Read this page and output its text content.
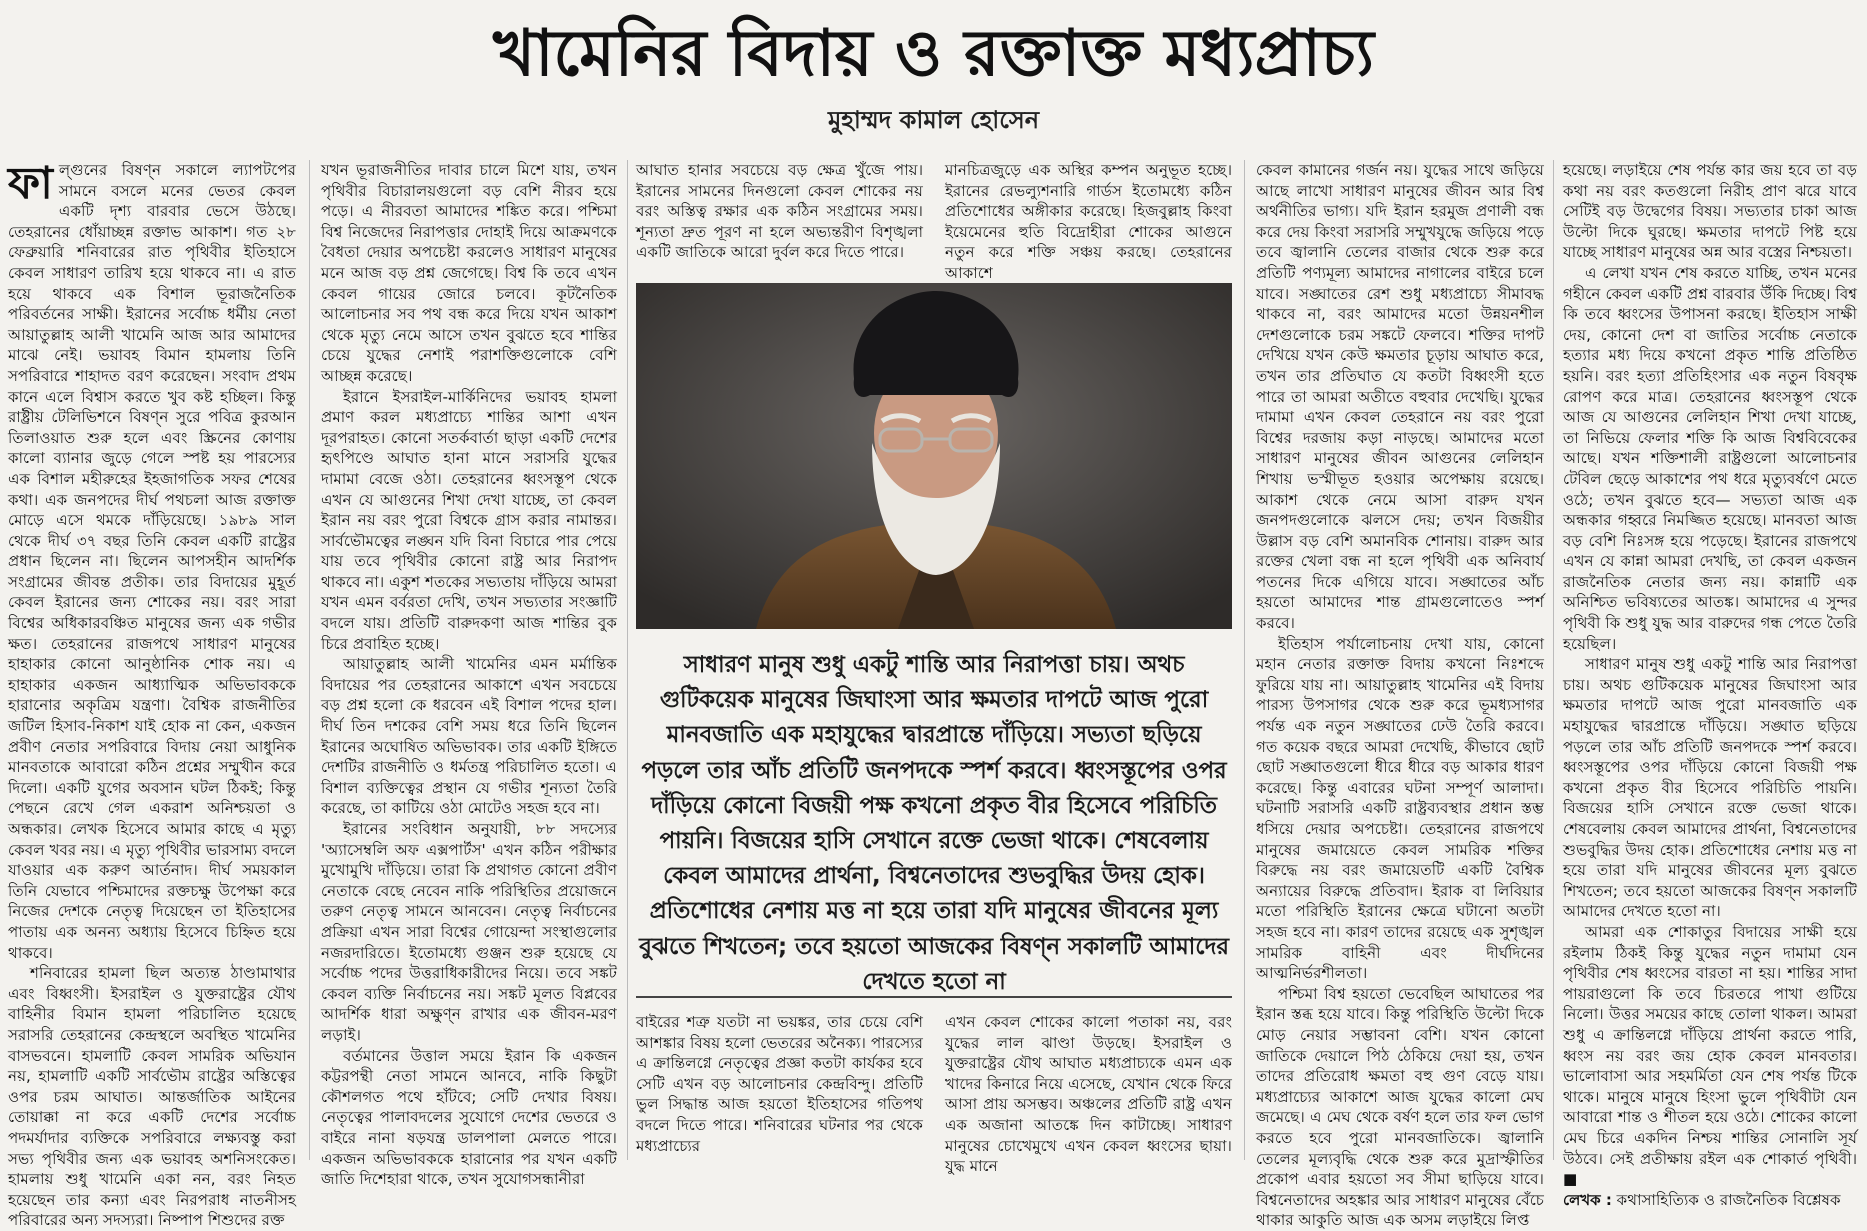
খামেনির বিদায় ও রক্তাক্ত মধ্যপ্রাচ্য
মুহাম্মদ কামাল হোসেন

ফাল্গুনের বিষণ্ন সকালে ল্যাপটপের সামনে বসলে মনের ভেতর কেবল একটি দৃশ্য বারবার ভেসে উঠছে। তেহরানের ধোঁয়াচ্ছন্ন রক্তাভ আকাশ। গত ২৮ ফেব্রুয়ারি শনিবারের রাত পৃথিবীর ইতিহাসে কেবল সাধারণ তারিখ হয়ে থাকবে না। এ রাত হয়ে থাকবে এক বিশাল ভূরাজনৈতিক পরিবর্তনের সাক্ষী। ইরানের সর্বোচ্চ ধর্মীয় নেতা আয়াতুল্লাহ আলী খামেনি আজ আর আমাদের মাঝে নেই। ভয়াবহ বিমান হামলায় তিনি সপরিবারে শাহাদত বরণ করেছেন। সংবাদ প্রথম কানে এলে বিশ্বাস করতে খুব কষ্ট হচ্ছিল। কিন্তু রাষ্ট্রীয় টেলিভিশনে বিষণ্ন সুরে পবিত্র কুরআন তিলাওয়াত শুরু হলে এবং স্ক্রিনের কোণায় কালো ব্যানার জুড়ে গেলে স্পষ্ট হয় পারস্যের এক বিশাল মহীরুহের ইহজাগতিক সফর শেষের কথা। এক জনপদের দীর্ঘ পথচলা আজ রক্তাক্ত মোড়ে এসে থমকে দাঁড়িয়েছে। ১৯৮৯ সাল থেকে দীর্ঘ ৩৭ বছর তিনি কেবল একটি রাষ্ট্রের প্রধান ছিলেন না। ছিলেন আপসহীন আদর্শিক সংগ্রামের জীবন্ত প্রতীক। তার বিদায়ের মুহূর্ত কেবল ইরানের জন্য শোকের নয়। বরং সারা বিশ্বের অধিকারবঞ্চিত মানুষের জন্য এক গভীর ক্ষত। তেহরানের রাজপথে সাধারণ মানুষের হাহাকার কোনো আনুষ্ঠানিক শোক নয়। এ হাহাকার একজন আধ্যাত্মিক অভিভাবককে হারানোর অকৃত্রিম যন্ত্রণা। বৈশ্বিক রাজনীতির জটিল হিসাব-নিকাশ যাই হোক না কেন, একজন প্রবীণ নেতার সপরিবারে বিদায় নেয়া আধুনিক মানবতাকে আবারো কঠিন প্রশ্নের সম্মুখীন করে দিলো। একটি যুগের অবসান ঘটল ঠিকই; কিন্তু পেছনে রেখে গেল একরাশ অনিশ্চয়তা ও অন্ধকার। লেখক হিসেবে আমার কাছে এ মৃত্যু কেবল খবর নয়। এ মৃত্যু পৃথিবীর ভারসাম্য বদলে যাওয়ার এক করুণ আর্তনাদ। দীর্ঘ সময়কাল তিনি যেভাবে পশ্চিমাদের রক্তচক্ষু উপেক্ষা করে নিজের দেশকে নেতৃত্ব দিয়েছেন তা ইতিহাসের পাতায় এক অনন্য অধ্যায় হিসেবে চিহ্নিত হয়ে থাকবে।

শনিবারের হামলা ছিল অত্যন্ত ঠাণ্ডামাথার এবং বিধ্বংসী। ইসরাইল ও যুক্তরাষ্ট্রের যৌথ বাহিনীর বিমান হামলা পরিচালিত হয়েছে সরাসরি তেহরানের কেন্দ্রস্থলে অবস্থিত খামেনির বাসভবনে। হামলাটি কেবল সামরিক অভিযান নয়, হামলাটি একটি সার্বভৌম রাষ্ট্রের অস্তিত্বের ওপর চরম আঘাত। আন্তর্জাতিক আইনের তোয়াক্কা না করে একটি দেশের সর্বোচ্চ পদমর্যাদার ব্যক্তিকে সপরিবারে লক্ষ্যবস্তু করা সভ্য পৃথিবীর জন্য এক ভয়াবহ অশনিসংকেত। হামলায় শুধু খামেনি একা নন, বরং নিহত হয়েছেন তার কন্যা এবং নিরপরাধ নাতনীসহ পরিবারের অন্য সদস্যরা। নিষ্পাপ শিশুদের রক্ত

যখন ভূরাজনীতির দাবার চালে মিশে যায়, তখন পৃথিবীর বিচারালয়গুলো বড় বেশি নীরব হয়ে পড়ে। এ নীরবতা আমাদের শঙ্কিত করে। পশ্চিমা বিশ্ব নিজেদের নিরাপত্তার দোহাই দিয়ে আক্রমণকে বৈধতা দেয়ার অপচেষ্টা করলেও সাধারণ মানুষের মনে আজ বড় প্রশ্ন জেগেছে। বিশ্ব কি তবে এখন কেবল গায়ের জোরে চলবে। কূটনৈতিক আলোচনার সব পথ বন্ধ করে দিয়ে যখন আকাশ থেকে মৃত্যু নেমে আসে তখন বুঝতে হবে শান্তির চেয়ে যুদ্ধের নেশাই পরাশক্তিগুলোকে বেশি আচ্ছন্ন করেছে।

ইরানে ইসরাইল-মার্কিনিদের ভয়াবহ হামলা প্রমাণ করল মধ্যপ্রাচ্যে শান্তির আশা এখন দূরপরাহত। কোনো সতর্কবার্তা ছাড়া একটি দেশের হৃৎপিণ্ডে আঘাত হানা মানে সরাসরি যুদ্ধের দামামা বেজে ওঠা। তেহরানের ধ্বংসস্তূপ থেকে এখন যে আগুনের শিখা দেখা যাচ্ছে, তা কেবল ইরান নয় বরং পুরো বিশ্বকে গ্রাস করার নামান্তর। সার্বভৌমত্বের লঙ্ঘন যদি বিনা বিচারে পার পেয়ে যায় তবে পৃথিবীর কোনো রাষ্ট্র আর নিরাপদ থাকবে না। একুশ শতকের সভ্যতায় দাঁড়িয়ে আমরা যখন এমন বর্বরতা দেখি, তখন সভ্যতার সংজ্ঞাটি বদলে যায়। প্রতিটি বারুদকণা আজ শান্তির বুক চিরে প্রবাহিত হচ্ছে।

আয়াতুল্লাহ আলী খামেনির এমন মর্মান্তিক বিদায়ের পর তেহরানের আকাশে এখন সবচেয়ে বড় প্রশ্ন হলো কে ধরবেন এই বিশাল পদের হাল। দীর্ঘ তিন দশকের বেশি সময় ধরে তিনি ছিলেন ইরানের অঘোষিত অভিভাবক। তার একটি ইঙ্গিতে দেশটির রাজনীতি ও ধর্মতন্ত্র পরিচালিত হতো। এ বিশাল ব্যক্তিত্বের প্রস্থান যে গভীর শূন্যতা তৈরি করেছে, তা কাটিয়ে ওঠা মোটেও সহজ হবে না।

ইরানের সংবিধান অনুযায়ী, ৮৮ সদস্যের 'অ্যাসেম্বলি অফ এক্সপার্টস' এখন কঠিন পরীক্ষার মুখোমুখি দাঁড়িয়ে। তারা কি প্রথাগত কোনো প্রবীণ নেতাকে বেছে নেবেন নাকি পরিস্থিতির প্রয়োজনে তরুণ নেতৃত্ব সামনে আনবেন। নেতৃত্ব নির্বাচনের প্রক্রিয়া এখন সারা বিশ্বের গোয়েন্দা সংস্থাগুলোর নজরদারিতে। ইতোমধ্যে গুঞ্জন শুরু হয়েছে যে সর্বোচ্চ পদের উত্তরাধিকারীদের নিয়ে। তবে সঙ্কট কেবল ব্যক্তি নির্বাচনের নয়। সঙ্কট মূলত বিপ্লবের আদর্শিক ধারা অক্ষুণ্ন রাখার এক জীবন-মরণ লড়াই।

বর্তমানের উত্তাল সময়ে ইরান কি একজন কট্টরপন্থী নেতা সামনে আনবে, নাকি কিছুটা কৌশলগত পথে হাঁটবে; সেটি দেখার বিষয়। নেতৃত্বের পালাবদলের সুযোগে দেশের ভেতরে ও বাইরে নানা ষড়যন্ত্র ডালপালা মেলতে পারে। একজন অভিভাবককে হারানোর পর যখন একটি জাতি দিশেহারা থাকে, তখন সুযোগসন্ধানীরা

আঘাত হানার সবচেয়ে বড় ক্ষেত্র খুঁজে পায়। ইরানের সামনের দিনগুলো কেবল শোকের নয় বরং অস্তিত্ব রক্ষার এক কঠিন সংগ্রামের সময়। শূন্যতা দ্রুত পূরণ না হলে অভ্যন্তরীণ বিশৃঙ্খলা একটি জাতিকে আরো দুর্বল করে দিতে পারে।

মানচিত্রজুড়ে এক অস্থির কম্পন অনুভূত হচ্ছে। ইরানের রেভল্যুশনারি গার্ডস ইতোমধ্যে কঠিন প্রতিশোধের অঙ্গীকার করেছে। হিজবুল্লাহ কিংবা ইয়েমেনের হুতি বিদ্রোহীরা শোকের আগুনে নতুন করে শক্তি সঞ্চয় করছে। তেহরানের আকাশে

সাধারণ মানুষ শুধু একটু শান্তি আর নিরাপত্তা চায়। অথচ গুটিকয়েক মানুষের জিঘাংসা আর ক্ষমতার দাপটে আজ পুরো মানবজাতি এক মহাযুদ্ধের দ্বারপ্রান্তে দাঁড়িয়ে। সভ্যতা ছড়িয়ে পড়লে তার আঁচ প্রতিটি জনপদকে স্পর্শ করবে। ধ্বংসস্তূপের ওপর দাঁড়িয়ে কোনো বিজয়ী পক্ষ কখনো প্রকৃত বীর হিসেবে পরিচিতি পায়নি। বিজয়ের হাসি সেখানে রক্তে ভেজা থাকে। শেষবেলায় কেবল আমাদের প্রার্থনা, বিশ্বনেতাদের শুভবুদ্ধির উদয় হোক। প্রতিশোধের নেশায় মত্ত না হয়ে তারা যদি মানুষের জীবনের মূল্য বুঝতে শিখতেন; তবে হয়তো আজকের বিষণ্ন সকালটি আমাদের দেখতে হতো না

বাইরের শত্রু যতটা না ভয়ঙ্কর, তার চেয়ে বেশি আশঙ্কার বিষয় হলো ভেতরের অনৈক্য। পারস্যের এ ক্রান্তিলগ্নে নেতৃত্বের প্রজ্ঞা কতটা কার্যকর হবে সেটি এখন বড় আলোচনার কেন্দ্রবিন্দু। প্রতিটি ভুল সিদ্ধান্ত আজ হয়তো ইতিহাসের গতিপথ বদলে দিতে পারে। শনিবারের ঘটনার পর থেকে মধ্যপ্রাচ্যের

এখন কেবল শোকের কালো পতাকা নয়, বরং যুদ্ধের লাল ঝাণ্ডা উড়ছে। ইসরাইল ও যুক্তরাষ্ট্রের যৌথ আঘাত মধ্যপ্রাচ্যকে এমন এক খাদের কিনারে নিয়ে এসেছে, যেখান থেকে ফিরে আসা প্রায় অসম্ভব। অঞ্চলের প্রতিটি রাষ্ট্র এখন এক অজানা আতঙ্কে দিন কাটাচ্ছে। সাধারণ মানুষের চোখেমুখে এখন কেবল ধ্বংসের ছায়া। যুদ্ধ মানে

কেবল কামানের গর্জন নয়। যুদ্ধের সাথে জড়িয়ে আছে লাখো সাধারণ মানুষের জীবন আর বিশ্ব অর্থনীতির ভাগ্য। যদি ইরান হরমুজ প্রণালী বন্ধ করে দেয় কিংবা সরাসরি সম্মুখযুদ্ধে জড়িয়ে পড়ে তবে জ্বালানি তেলের বাজার থেকে শুরু করে প্রতিটি পণ্যমূল্য আমাদের নাগালের বাইরে চলে যাবে। সঙ্ঘাতের রেশ শুধু মধ্যপ্রাচ্যে সীমাবদ্ধ থাকবে না, বরং আমাদের মতো উন্নয়নশীল দেশগুলোকে চরম সঙ্কটে ফেলবে। শক্তির দাপট দেখিয়ে যখন কেউ ক্ষমতার চূড়ায় আঘাত করে, তখন তার প্রতিঘাত যে কতটা বিধ্বংসী হতে পারে তা আমরা অতীতে বহুবার দেখেছি। যুদ্ধের দামামা এখন কেবল তেহরানে নয় বরং পুরো বিশ্বের দরজায় কড়া নাড়ছে। আমাদের মতো সাধারণ মানুষের জীবন আগুনের লেলিহান শিখায় ভস্মীভূত হওয়ার অপেক্ষায় রয়েছে। আকাশ থেকে নেমে আসা বারুদ যখন জনপদগুলোকে ঝলসে দেয়; তখন বিজয়ীর উল্লাস বড় বেশি অমানবিক শোনায়। বারুদ আর রক্তের খেলা বন্ধ না হলে পৃথিবী এক অনিবার্য পতনের দিকে এগিয়ে যাবে। সঙ্ঘাতের আঁচ হয়তো আমাদের শান্ত গ্রামগুলোতেও স্পর্শ করবে।

ইতিহাস পর্যালোচনায় দেখা যায়, কোনো মহান নেতার রক্তাক্ত বিদায় কখনো নিঃশব্দে ফুরিয়ে যায় না। আয়াতুল্লাহ খামেনির এই বিদায় পারস্য উপসাগর থেকে শুরু করে ভূমধ্যসাগর পর্যন্ত এক নতুন সঙ্ঘাতের ঢেউ তৈরি করবে। গত কয়েক বছরে আমরা দেখেছি, কীভাবে ছোট ছোট সঙ্ঘাতগুলো ধীরে ধীরে বড় আকার ধারণ করেছে। কিন্তু এবারের ঘটনা সম্পূর্ণ আলাদা। ঘটনাটি সরাসরি একটি রাষ্ট্রব্যবস্থার প্রধান স্তম্ভ ধসিয়ে দেয়ার অপচেষ্টা। তেহরানের রাজপথে মানুষের জমায়েতে কেবল সামরিক শক্তির বিরুদ্ধে নয় বরং জমায়েতটি একটি বৈশ্বিক অন্যায়ের বিরুদ্ধে প্রতিবাদ। ইরাক বা লিবিয়ার মতো পরিস্থিতি ইরানের ক্ষেত্রে ঘটানো অতটা সহজ হবে না। কারণ তাদের রয়েছে এক সুশৃঙ্খল সামরিক বাহিনী এবং দীর্ঘদিনের আত্মনির্ভরশীলতা।

পশ্চিমা বিশ্ব হয়তো ভেবেছিল আঘাতের পর ইরান স্তব্ধ হয়ে যাবে। কিন্তু পরিস্থিতি উল্টো দিকে মোড় নেয়ার সম্ভাবনা বেশি। যখন কোনো জাতিকে দেয়ালে পিঠ ঠেকিয়ে দেয়া হয়, তখন তাদের প্রতিরোধ ক্ষমতা বহু গুণ বেড়ে যায়। মধ্যপ্রাচ্যের আকাশে আজ যুদ্ধের কালো মেঘ জমেছে। এ মেঘ থেকে বর্ষণ হলে তার ফল ভোগ করতে হবে পুরো মানবজাতিকে। জ্বালানি তেলের মূল্যবৃদ্ধি থেকে শুরু করে মুদ্রাস্ফীতির প্রকোপ এবার হয়তো সব সীমা ছাড়িয়ে যাবে। বিশ্বনেতাদের অহঙ্কার আর সাধারণ মানুষের বেঁচে থাকার আকুতি আজ এক অসম লড়াইয়ে লিপ্ত

হয়েছে। লড়াইয়ে শেষ পর্যন্ত কার জয় হবে তা বড় কথা নয় বরং কতগুলো নিরীহ প্রাণ ঝরে যাবে সেটিই বড় উদ্বেগের বিষয়। সভ্যতার চাকা আজ উল্টো দিকে ঘুরছে। ক্ষমতার দাপটে পিষ্ট হয়ে যাচ্ছে সাধারণ মানুষের অন্ন আর বস্ত্রের নিশ্চয়তা।

এ লেখা যখন শেষ করতে যাচ্ছি, তখন মনের গহীনে কেবল একটি প্রশ্ন বারবার উঁকি দিচ্ছে। বিশ্ব কি তবে ধ্বংসের উপাসনা করছে। ইতিহাস সাক্ষী দেয়, কোনো দেশ বা জাতির সর্বোচ্চ নেতাকে হত্যার মধ্য দিয়ে কখনো প্রকৃত শান্তি প্রতিষ্ঠিত হয়নি। বরং হত্যা প্রতিহিংসার এক নতুন বিষবৃক্ষ রোপণ করে মাত্র। তেহরানের ধ্বংসস্তূপ থেকে আজ যে আগুনের লেলিহান শিখা দেখা যাচ্ছে, তা নিভিয়ে ফেলার শক্তি কি আজ বিশ্ববিবেকের আছে। যখন শক্তিশালী রাষ্ট্রগুলো আলোচনার টেবিল ছেড়ে আকাশের পথ ধরে মৃত্যুবর্ষণে মেতে ওঠে; তখন বুঝতে হবে— সভ্যতা আজ এক অন্ধকার গহ্বরে নিমজ্জিত হয়েছে। মানবতা আজ বড় বেশি নিঃসঙ্গ হয়ে পড়েছে। ইরানের রাজপথে এখন যে কান্না আমরা দেখছি, তা কেবল একজন রাজনৈতিক নেতার জন্য নয়। কান্নাটি এক অনিশ্চিত ভবিষ্যতের আতঙ্ক। আমাদের এ সুন্দর পৃথিবী কি শুধু যুদ্ধ আর বারুদের গন্ধ পেতে তৈরি হয়েছিল।

সাধারণ মানুষ শুধু একটু শান্তি আর নিরাপত্তা চায়। অথচ গুটিকয়েক মানুষের জিঘাংসা আর ক্ষমতার দাপটে আজ পুরো মানবজাতি এক মহাযুদ্ধের দ্বারপ্রান্তে দাঁড়িয়ে। সঙ্ঘাত ছড়িয়ে পড়লে তার আঁচ প্রতিটি জনপদকে স্পর্শ করবে। ধ্বংসস্তূপের ওপর দাঁড়িয়ে কোনো বিজয়ী পক্ষ কখনো প্রকৃত বীর হিসেবে পরিচিতি পায়নি। বিজয়ের হাসি সেখানে রক্তে ভেজা থাকে। শেষবেলায় কেবল আমাদের প্রার্থনা, বিশ্বনেতাদের শুভবুদ্ধির উদয় হোক। প্রতিশোধের নেশায় মত্ত না হয়ে তারা যদি মানুষের জীবনের মূল্য বুঝতে শিখতেন; তবে হয়তো আজকের বিষণ্ন সকালটি আমাদের দেখতে হতো না।

আমরা এক শোকাতুর বিদায়ের সাক্ষী হয়ে রইলাম ঠিকই কিন্তু যুদ্ধের নতুন দামামা যেন পৃথিবীর শেষ ধ্বংসের বারতা না হয়। শান্তির সাদা পায়রাগুলো কি তবে চিরতরে পাখা গুটিয়ে নিলো। উত্তর সময়ের কাছে তোলা থাকল। আমরা শুধু এ ক্রান্তিলগ্নে দাঁড়িয়ে প্রার্থনা করতে পারি, ধ্বংস নয় বরং জয় হোক কেবল মানবতার। ভালোবাসা আর সহমর্মিতা যেন শেষ পর্যন্ত টিকে থাকে। মানুষে মানুষে হিংসা ভুলে পৃথিবীটা যেন আবারো শান্ত ও শীতল হয়ে ওঠে। শোকের কালো মেঘ চিরে একদিন নিশ্চয় শান্তির সোনালি সূর্য উঠবে। সেই প্রতীক্ষায় রইল এক শোকার্ত পৃথিবী। ■

লেখক : কথাসাহিত্যিক ও রাজনৈতিক বিশ্লেষক
